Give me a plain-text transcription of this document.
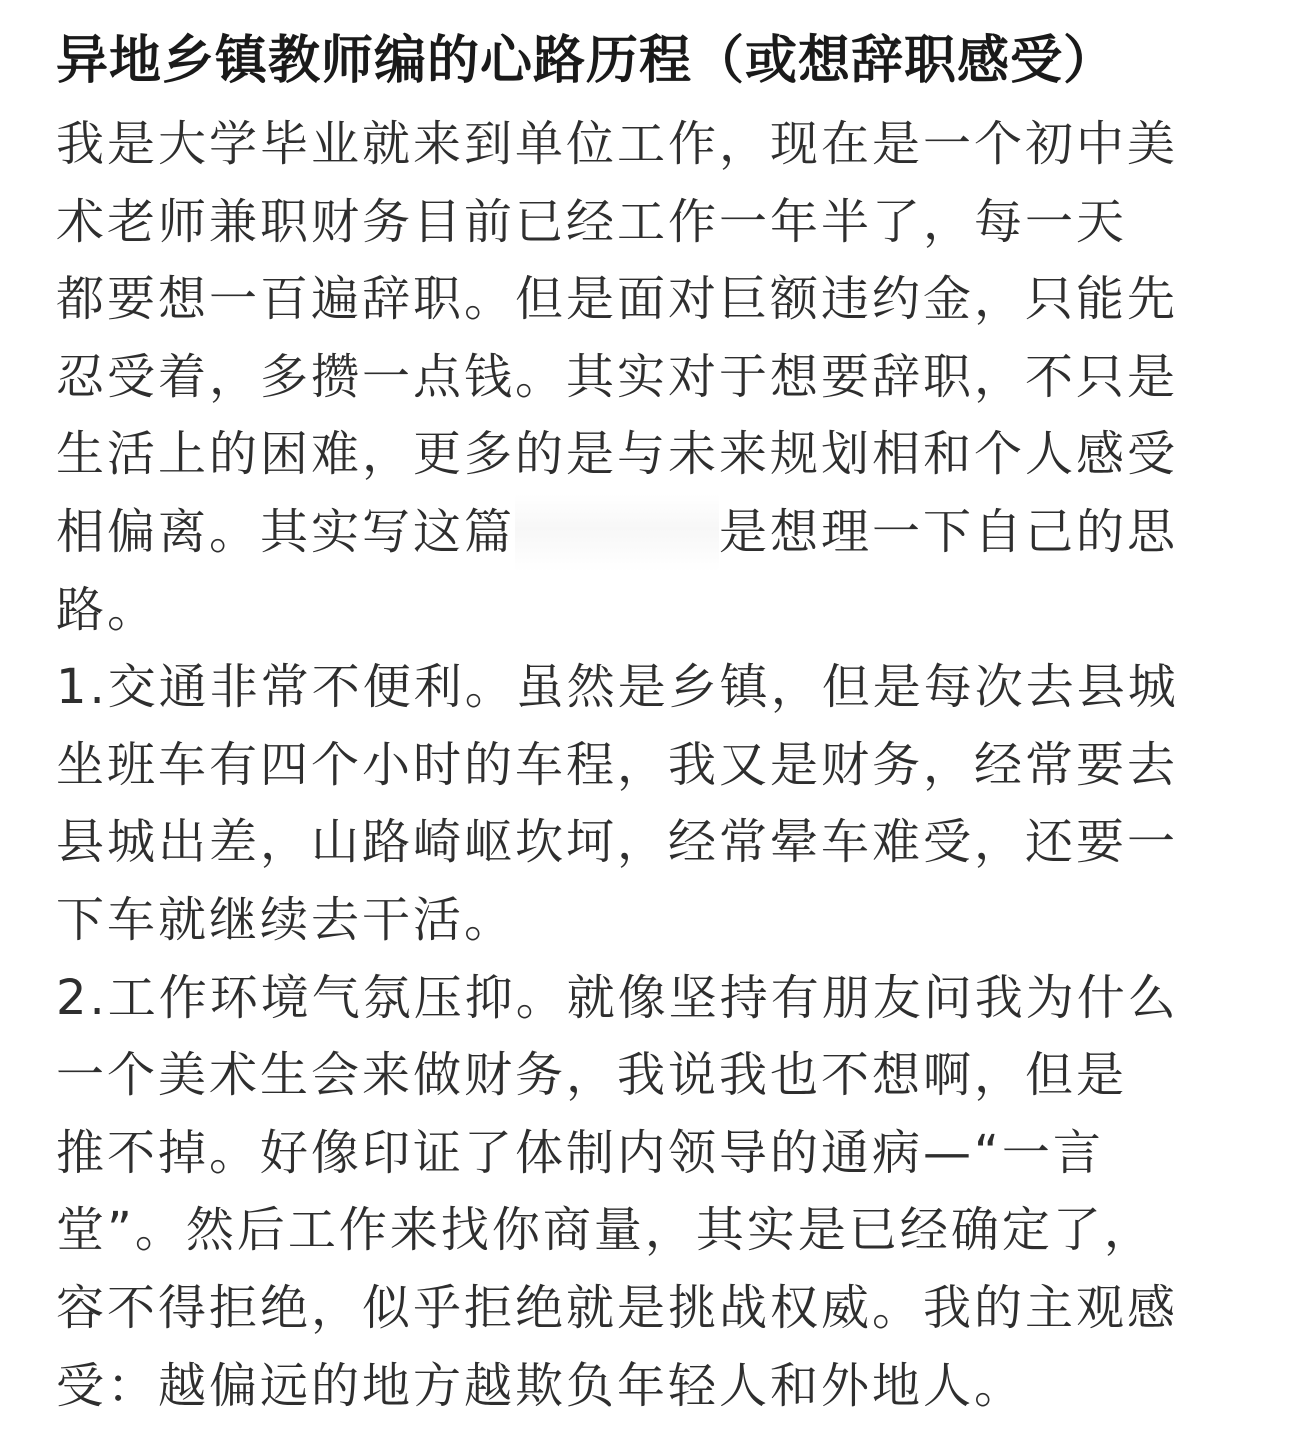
异地乡镇教师编的心路历程（或想辞职感受）
我是大学毕业就来到单位工作，现在是一个初中美
术老师兼职财务目前已经工作一年半了，每一天
都要想一百遍辞职。但是面对巨额违约金，只能先
忍受着，多攒一点钱。其实对于想要辞职，不只是
生活上的困难，更多的是与未来规划相和个人感受
相偏离。其实写这篇　　　　	是想理一下自己的思
路。
1.交通非常不便利。虽然是乡镇，但是每次去县城
坐班车有四个小时的车程，我又是财务，经常要去
县城出差，山路崎岖坎坷，经常晕车难受，还要一
下车就继续去干活。
2.工作环境气氛压抑。就像坚持有朋友问我为什么
一个美术生会来做财务，我说我也不想啊，但是
推不掉。好像印证了体制内领导的通病—“一言
堂”。然后工作来找你商量，其实是已经确定了，
容不得拒绝，似乎拒绝就是挑战权威。我的主观感
受：越偏远的地方越欺负年轻人和外地人。
